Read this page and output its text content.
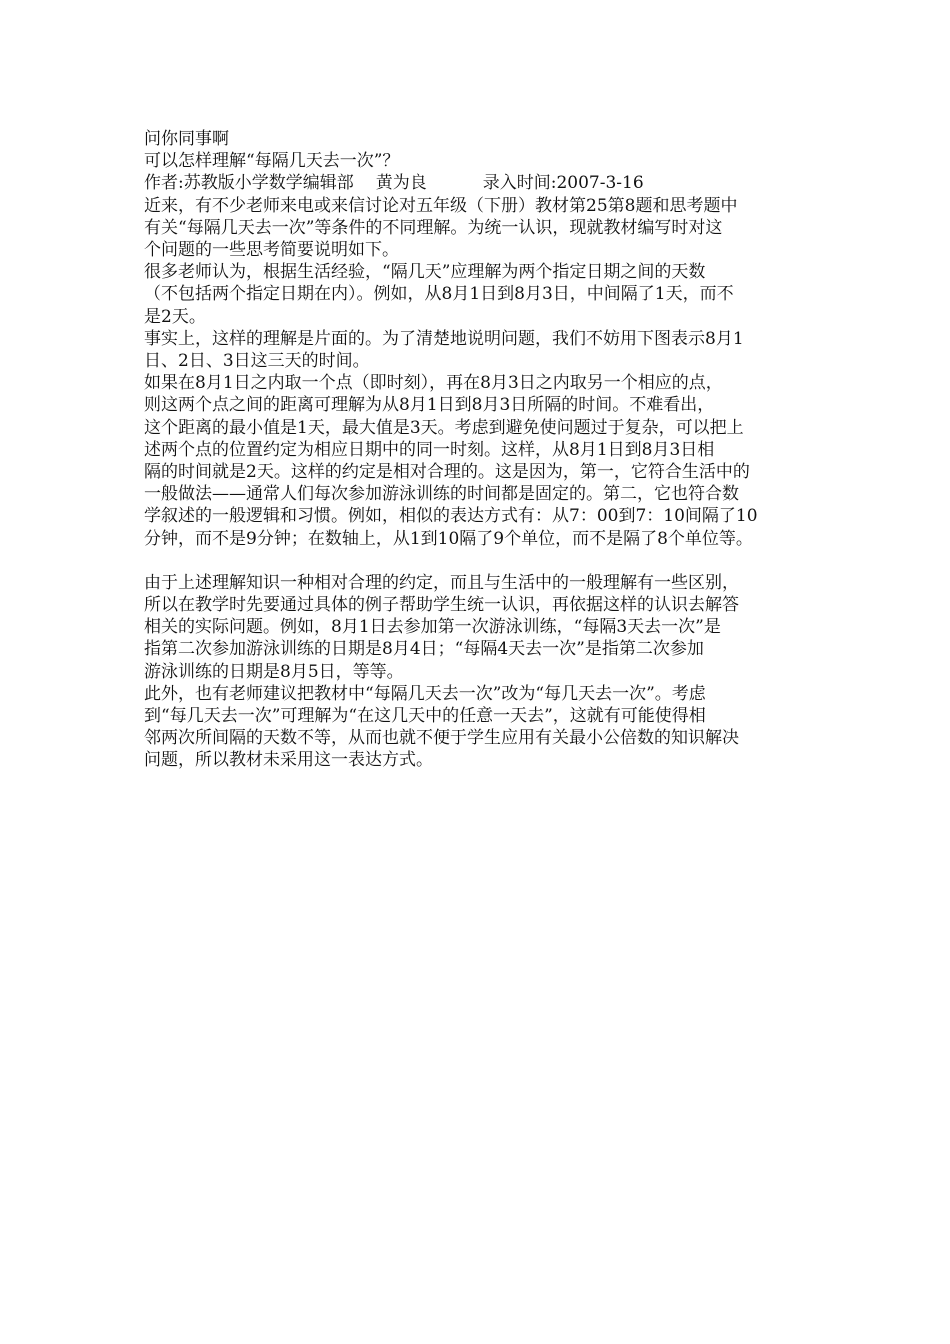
问你同事啊

可以怎样理解“每隔几天去一次”？

作者:苏教版小学数学编辑部 黄为良	录入时间:2007-3-16

近来，有不少老师来电或来信讨论对五年级（下册）教材第25第8题和思考题中

有关“每隔几天去一次”等条件的不同理解。为统一认识，现就教材编写时对这

个问题的一些思考简要说明如下。

很多老师认为，根据生活经验，“隔几天”应理解为两个指定日期之间的天数

（不包括两个指定日期在内）。例如，从8月1日到8月3日，中间隔了1天，而不

是2天。

事实上，这样的理解是片面的。为了清楚地说明问题，我们不妨用下图表示8月1

日、2日、3日这三天的时间。

如果在8月1日之内取一个点（即时刻），再在8月3日之内取另一个相应的点，

则这两个点之间的距离可理解为从8月1日到8月3日所隔的时间。不难看出，

这个距离的最小值是1天，最大值是3天。考虑到避免使问题过于复杂，可以把上

述两个点的位置约定为相应日期中的同一时刻。这样，从8月1日到8月3日相

隔的时间就是2天。这样的约定是相对合理的。这是因为，第一，它符合生活中的

一般做法——通常人们每次参加游泳训练的时间都是固定的。第二，它也符合数

学叙述的一般逻辑和习惯。例如，相似的表达方式有：从7：00到7：10间隔了10

分钟，而不是9分钟；在数轴上，从1到10隔了9个单位，而不是隔了8个单位等。

由于上述理解知识一种相对合理的约定，而且与生活中的一般理解有一些区别，

所以在教学时先要通过具体的例子帮助学生统一认识，再依据这样的认识去解答

相关的实际问题。例如，8月1日去参加第一次游泳训练，“每隔3天去一次”是

指第二次参加游泳训练的日期是8月4日；“每隔4天去一次”是指第二次参加

游泳训练的日期是8月5日，等等。

此外，也有老师建议把教材中“每隔几天去一次”改为“每几天去一次”。考虑

到“每几天去一次”可理解为“在这几天中的任意一天去”，这就有可能使得相

邻两次所间隔的天数不等，从而也就不便于学生应用有关最小公倍数的知识解决

问题，所以教材未采用这一表达方式。
